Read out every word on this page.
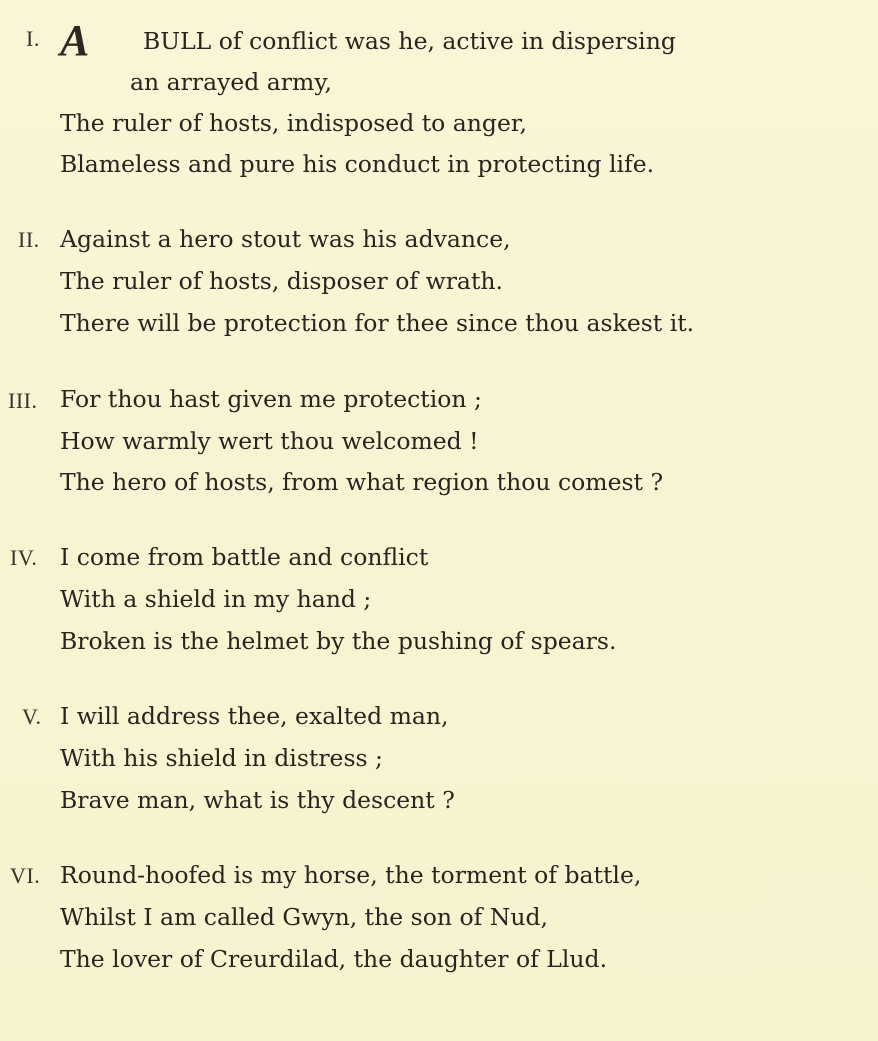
I. A BULL of conflict was he, active in dispersing
an arrayed army,
The ruler of hosts, indisposed to anger,
Blameless and pure his conduct in protecting life.
II. Against a hero stout was his advance,
The ruler of hosts, disposer of wrath.
There will be protection for thee since thou askest it.
III. For thou hast given me protection ;
How warmly wert thou welcomed !
The hero of hosts, from what region thou comest ?
IV. I come from battle and conflict
With a shield in my hand ;
Broken is the helmet by the pushing of spears.
V. I will address thee, exalted man,
With his shield in distress ;
Brave man, what is thy descent ?
VI. Round-hoofed is my horse, the torment of battle,
Whilst I am called Gwyn, the son of Nud,
The lover of Creurdilad, the daughter of Llud.
